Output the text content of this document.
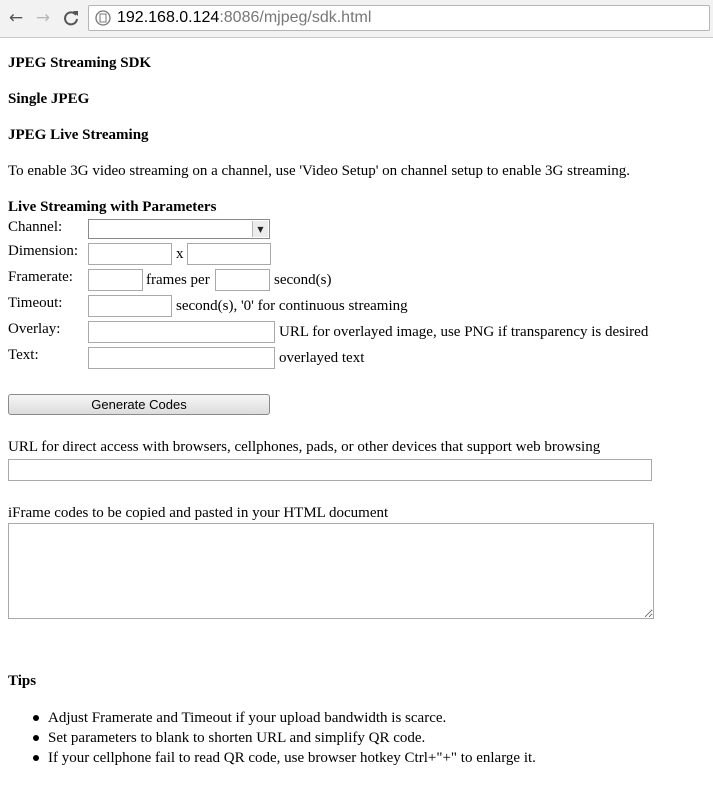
← →	192.168.0.124:8086/mjpeg/sdk.html
JPEG Streaming SDK
Single JPEG
JPEG Live Streaming
To enable 3G video streaming on a channel, use 'Video Setup' on channel setup to enable 3G streaming.
Live Streaming with Parameters
Channel:	▼
Dimension:	x
Framerate:	frames per	second(s)
Timeout:	second(s), '0' for continuous streaming
Overlay:	URL for overlayed image, use PNG if transparency is desired
Text:	overlayed text
Generate Codes
URL for direct access with browsers, cellphones, pads, or other devices that support web browsing
iFrame codes to be copied and pasted in your HTML document
Tips
Adjust Framerate and Timeout if your upload bandwidth is scarce.
Set parameters to blank to shorten URL and simplify QR code.
If your cellphone fail to read QR code, use browser hotkey Ctrl+"+" to enlarge it.
